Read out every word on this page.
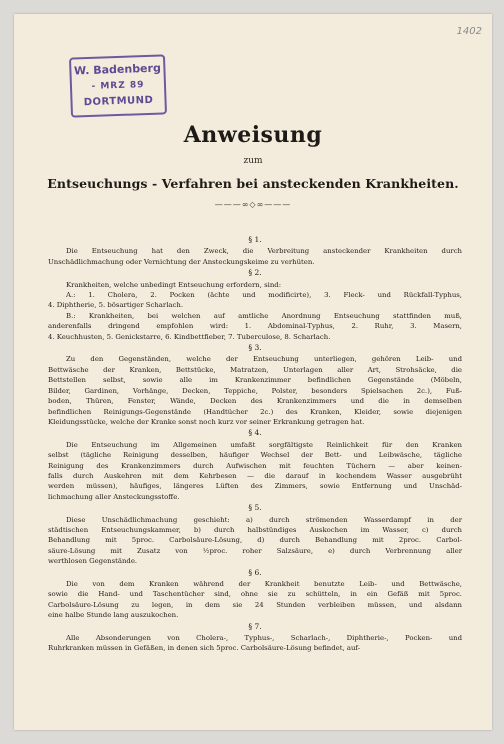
1402
W. Badenberg
- MRZ 89
DORTMUND
Anweisung
zum
Entseuchungs - Verfahren bei ansteckenden Krankheiten.
———∞◇∞———
§ 1.
Die Entseuchung hat den Zweck, die Verbreitung ansteckender Krankheiten durch
Unschädlichmachung oder Vernichtung der Ansteckungskeime zu verhüten.
§ 2.
Krankheiten, welche unbedingt Entseuchung erfordern, sind:
A.: 1. Cholera, 2. Pocken (ächte und modificirte), 3. Fleck- und Rückfall-Typhus,
4. Diphtherie, 5. bösartiger Scharlach.
B.: Krankheiten, bei welchen auf amtliche Anordnung Entseuchung stattfinden muß,
anderenfalls dringend empfohlen wird: 1. Abdominal-Typhus, 2. Ruhr, 3. Masern,
4. Keuchhusten, 5. Genickstarre, 6. Kindbettfieber, 7. Tuberculose, 8. Scharlach.
§ 3.
Zu den Gegenständen, welche der Entseuchung unterliegen, gehören Leib- und
Bettwäsche der Kranken, Bettstücke, Matratzen, Unterlagen aller Art, Strohsäcke, die
Bettstellen selbst, sowie alle im Krankenzimmer befindlichen Gegenstände (Möbeln,
Bilder, Gardinen, Vorhänge, Decken, Teppiche, Polster, besonders Spielsachen 2c.), Fuß-
boden, Thüren, Fenster, Wände, Decken des Krankenzimmers und die in demselben
befindlichen Reinigungs-Gegenstände (Handtücher 2c.) des Kranken, Kleider, sowie diejenigen
Kleidungsstücke, welche der Kranke sonst noch kurz vor seiner Erkrankung getragen hat.
§ 4.
Die Entseuchung im Allgemeinen umfaßt sorgfältigste Reinlichkeit für den Kranken
selbst (tägliche Reinigung desselben, häufiger Wechsel der Bett- und Leibwäsche, tägliche
Reinigung des Krankenzimmers durch Aufwischen mit feuchten Tüchern — aber keinen-
falls durch Auskehren mit dem Kehrbesen — die darauf in kochendem Wasser ausgebrüht
werden müssen), häufiges, längeres Lüften des Zimmers, sowie Entfernung und Unschäd-
lichmachung aller Ansteckungsstoffe.
§ 5.
Diese Unschädlichmachung geschieht: a) durch strömenden Wasserdampf in der
städtischen Entseuchungskammer, b) durch halbstündiges Auskochen im Wasser, c) durch
Behandlung mit 5proc. Carbolsäure-Lösung, d) durch Behandlung mit 2proc. Carbol-
säure-Lösung mit Zusatz von ½proc. roher Salzsäure, e) durch Verbrennung aller
werthlosen Gegenstände.
§ 6.
Die von dem Kranken während der Krankheit benutzte Leib- und Bettwäsche,
sowie die Hand- und Taschentücher sind, ohne sie zu schütteln, in ein Gefäß mit 5proc.
Carbolsäure-Lösung zu legen, in dem sie 24 Stunden verbleiben müssen, und alsdann
eine halbe Stunde lang auszukochen.
§ 7.
Alle Absonderungen von Cholera-, Typhus-, Scharlach-, Diphtherie-, Pocken- und
Ruhrkranken müssen in Gefäßen, in denen sich 5proc. Carbolsäure-Lösung befindet, auf-
